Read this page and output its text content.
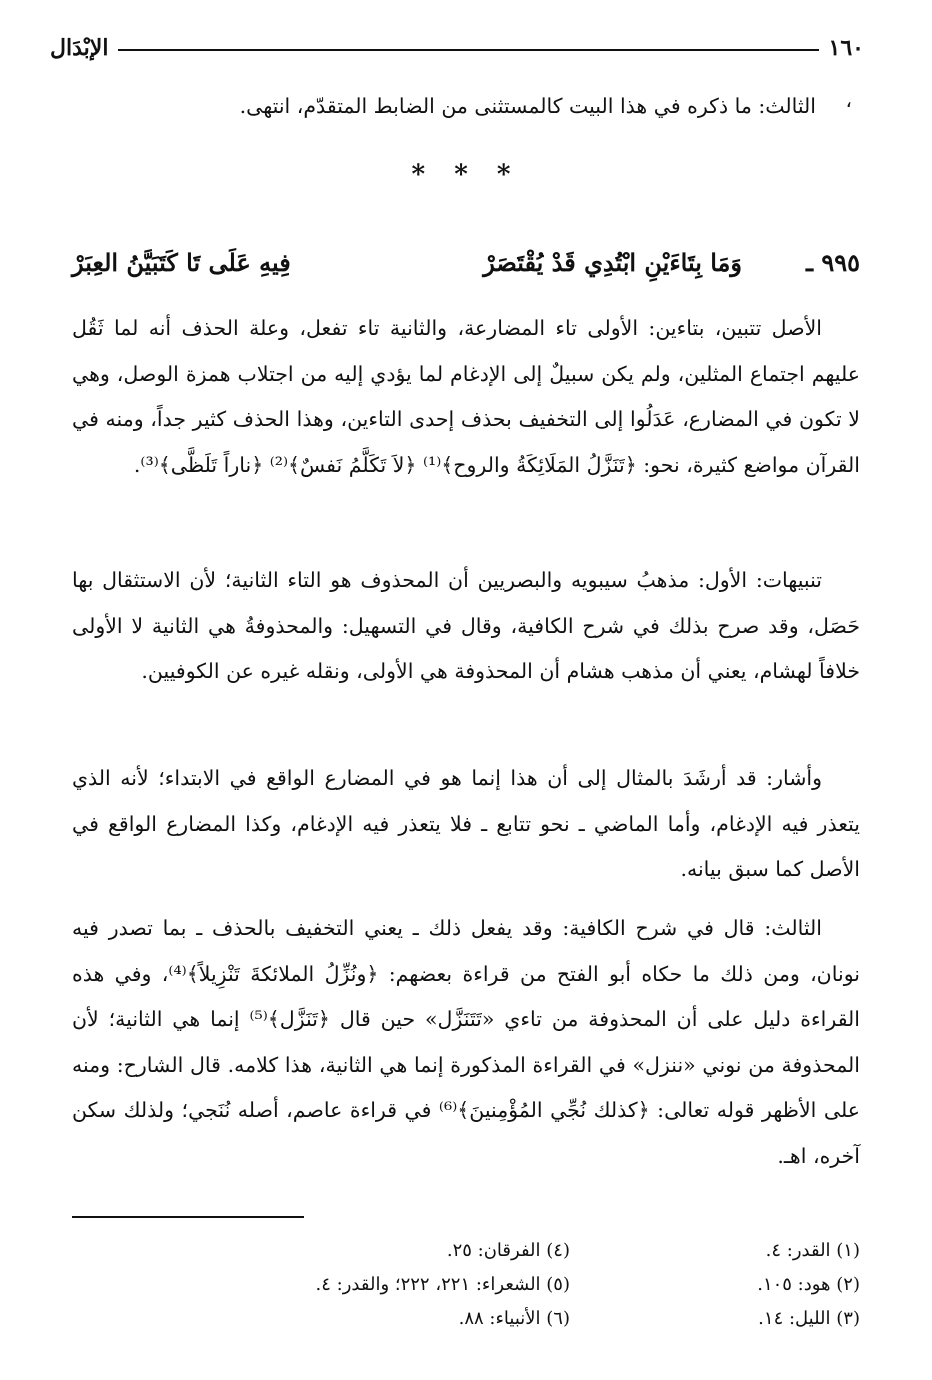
١٦٠
الإبْدَال
الثالث: ما ذكره في هذا البيت كالمستثنى من الضابط المتقدّم، انتهى.	،
* * *
٩٩٥ ـ
وَمَا بِتَاءَيْنِ ابْتُدِي قَدْ يُقْتَصَرْ
فِيهِ عَلَى تَا كَتَبَيَّنُ العِبَرْ
الأصل تتبين، بتاءين: الأولى تاء المضارعة، والثانية تاء تفعل، وعلة الحذف أنه لما ثَقُل عليهم اجتماع المثلين، ولم يكن سبيلٌ إلى الإدغام لما يؤدي إليه من اجتلاب همزة الوصل، وهي لا تكون في المضارع، عَدَلُوا إلى التخفيف بحذف إحدى التاءين، وهذا الحذف كثير جداً، ومنه في القرآن مواضع كثيرة، نحو: ﴿تَنَزَّلُ المَلَائِكَةُ والروح﴾⁽¹⁾ ﴿لاَ تَكَلَّمُ نَفسٌ﴾⁽²⁾ ﴿ناراً تَلَظَّى﴾⁽³⁾.
تنبيهات: الأول: مذهبُ سيبويه والبصريين أن المحذوف هو التاء الثانية؛ لأن الاستثقال بها حَصَل، وقد صرح بذلك في شرح الكافية، وقال في التسهيل: والمحذوفةُ هي الثانية لا الأولى خلافاً لهشام، يعني أن مذهب هشام أن المحذوفة هي الأولى، ونقله غيره عن الكوفيين.
وأشار: قد أرشَدَ بالمثال إلى أن هذا إنما هو في المضارع الواقع في الابتداء؛ لأنه الذي يتعذر فيه الإدغام، وأما الماضي ـ نحو تتابع ـ فلا يتعذر فيه الإدغام، وكذا المضارع الواقع في الأصل كما سبق بيانه.
الثالث: قال في شرح الكافية: وقد يفعل ذلك ـ يعني التخفيف بالحذف ـ بما تصدر فيه نونان، ومن ذلك ما حكاه أبو الفتح من قراءة بعضهم: ﴿ونُزِّلُ الملائكةَ تَنْزِيلاً﴾⁽⁴⁾، وفي هذه القراءة دليل على أن المحذوفة من تاءي «تَتَنَزَّل» حين قال ﴿تَنَزَّل﴾⁽⁵⁾ إنما هي الثانية؛ لأن المحذوفة من نوني «ننزل» في القراءة المذكورة إنما هي الثانية، هذا كلامه. قال الشارح: ومنه على الأظهر قوله تعالى: ﴿كذلك نُجِّي المُؤْمِنينَ﴾⁽⁶⁾ في قراءة عاصم، أصله نُنَجي؛ ولذلك سكن آخره، اهـ.
(١) القدر: ٤.
(٢) هود: ١٠٥.
(٣) الليل: ١٤.
(٤) الفرقان: ٢٥.
(٥) الشعراء: ٢٢١، ٢٢٢؛ والقدر: ٤.
(٦) الأنبياء: ٨٨.
